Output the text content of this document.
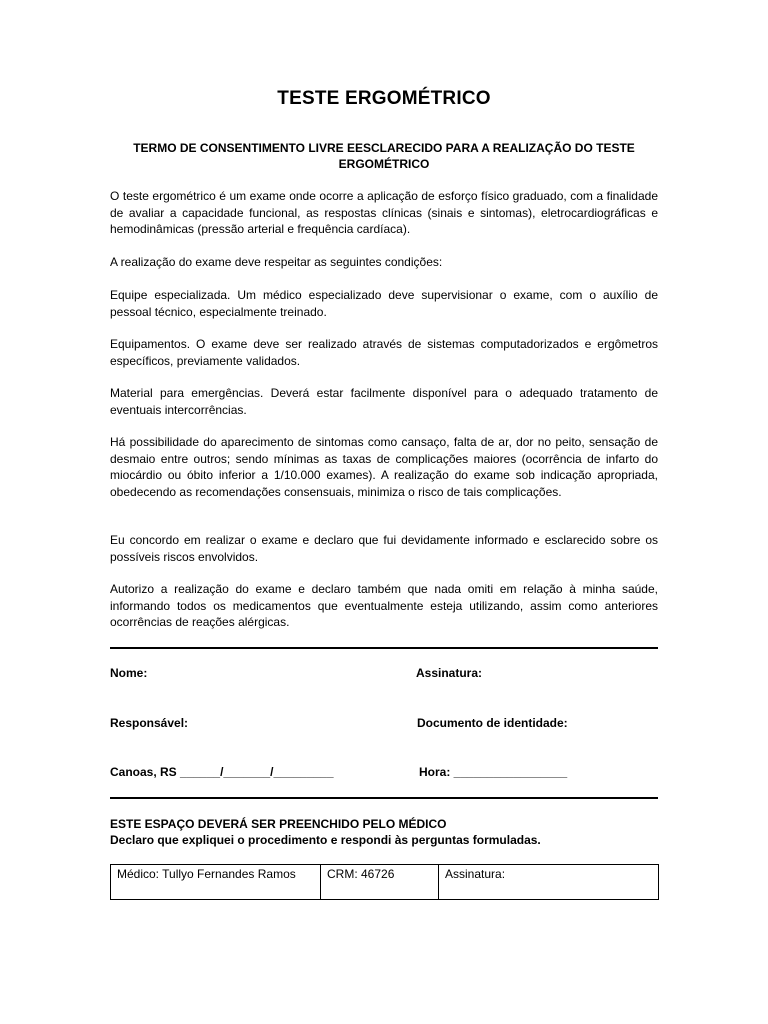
TESTE ERGOMÉTRICO
TERMO DE CONSENTIMENTO LIVRE EESCLARECIDO PARA A REALIZAÇÃO DO TESTE
ERGOMÉTRICO
O teste ergométrico é um exame onde ocorre a aplicação de esforço físico graduado, com a finalidade de avaliar a capacidade funcional, as respostas clínicas (sinais e sintomas), eletrocardiográficas e hemodinâmicas (pressão arterial e frequência cardíaca).
A realização do exame deve respeitar as seguintes condições:
Equipe especializada. Um médico especializado deve supervisionar o exame, com o auxílio de pessoal técnico, especialmente treinado.
Equipamentos. O exame deve ser realizado através de sistemas computadorizados e ergômetros específicos, previamente validados.
Material para emergências. Deverá estar facilmente disponível para o adequado tratamento de eventuais intercorrências.
Há possibilidade do aparecimento de sintomas como cansaço, falta de ar, dor no peito, sensação de desmaio entre outros; sendo mínimas as taxas de complicações maiores (ocorrência de infarto do miocárdio ou óbito inferior a 1/10.000 exames). A realização do exame sob indicação apropriada, obedecendo as recomendações consensuais, minimiza o risco de tais complicações.
Eu concordo em realizar o exame e declaro que fui devidamente informado e esclarecido sobre os possíveis riscos envolvidos.
Autorizo a realização do exame e declaro também que nada omiti em relação à minha saúde, informando todos os medicamentos que eventualmente esteja utilizando, assim como anteriores ocorrências de reações alérgicas.
Nome:	Assinatura:
Responsável:	Documento de identidade:
Canoas, RS ______/_______/_________	Hora: _________________
ESTE ESPAÇO DEVERÁ SER PREENCHIDO PELO MÉDICO
Declaro que expliquei o procedimento e respondi às perguntas formuladas.
Médico: Tullyo Fernandes Ramos	CRM: 46726	Assinatura:
